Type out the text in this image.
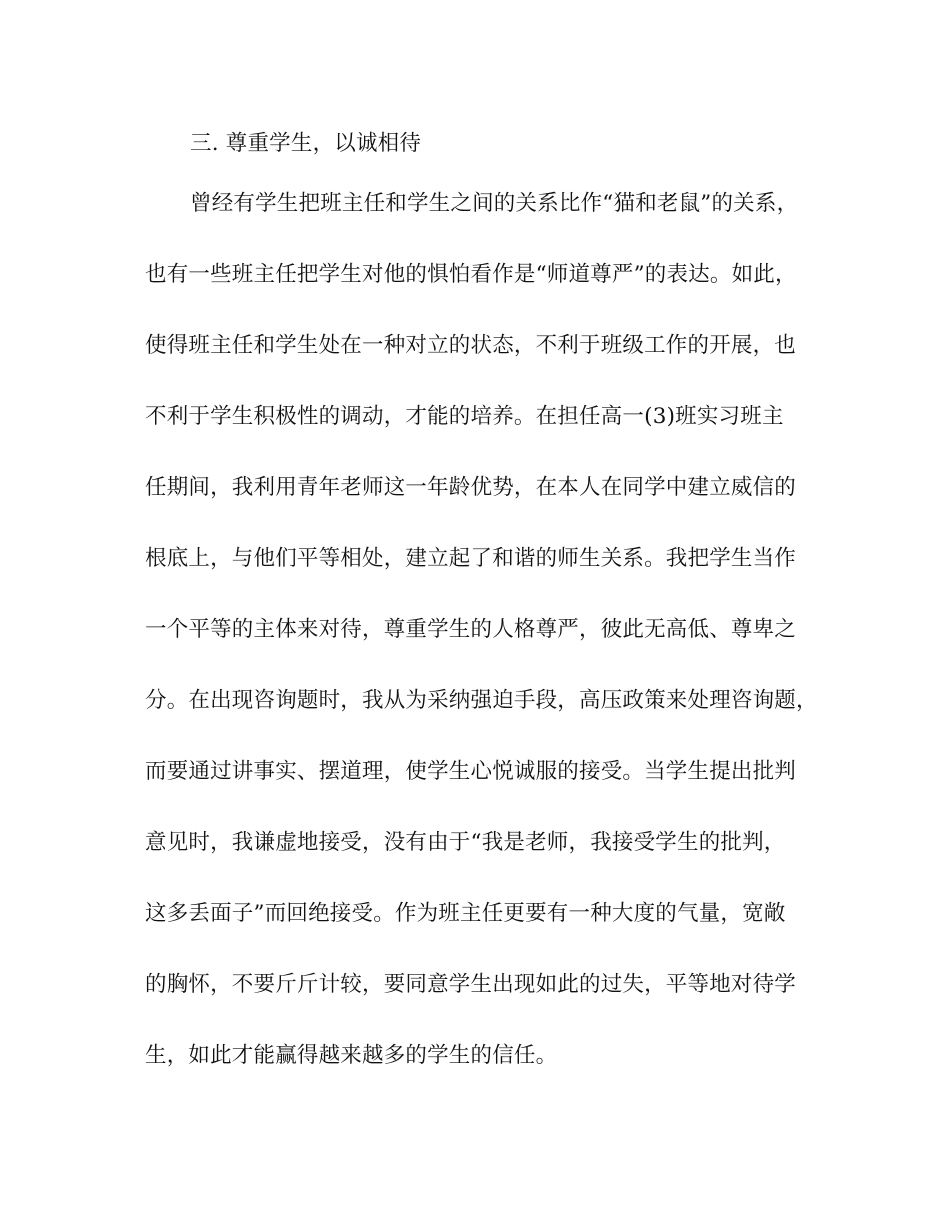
三. 尊重学生，以诚相待
曾经有学生把班主任和学生之间的关系比作“猫和老鼠”的关系，
也有一些班主任把学生对他的惧怕看作是“师道尊严”的表达。如此，
使得班主任和学生处在一种对立的状态，不利于班级工作的开展，也
不利于学生积极性的调动，才能的培养。在担任高一(3)班实习班主
任期间，我利用青年老师这一年龄优势，在本人在同学中建立威信的
根底上，与他们平等相处，建立起了和谐的师生关系。我把学生当作
一个平等的主体来对待，尊重学生的人格尊严，彼此无高低、尊卑之
分。在出现咨询题时，我从为采纳强迫手段，高压政策来处理咨询题，
而要通过讲事实、摆道理，使学生心悦诚服的接受。当学生提出批判
意见时，我谦虚地接受，没有由于“我是老师，我接受学生的批判，
这多丢面子”而回绝接受。作为班主任更要有一种大度的气量，宽敞
的胸怀，不要斤斤计较，要同意学生出现如此的过失，平等地对待学
生，如此才能赢得越来越多的学生的信任。
